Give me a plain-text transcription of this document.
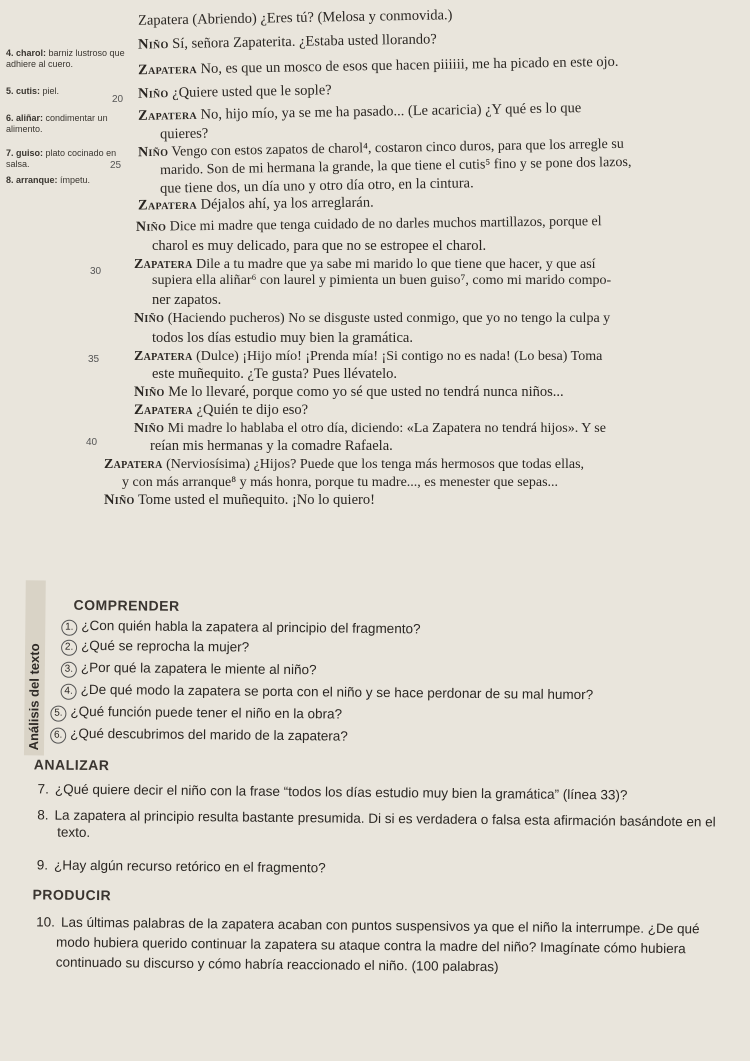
4. charol: barniz lustroso que adhiere al cuero.
5. cutis: piel.
6. aliñar: condimentar un alimento.
7. guiso: plato cocinado en salsa.
8. arranque: ímpetu.
20
25
30
35
40
Zapatera (Abriendo) ¿Eres tú? (Melosa y conmovida.)
Niño Sí, señora Zapaterita. ¿Estaba usted llorando?
Zapatera No, es que un mosco de esos que hacen piiiiii, me ha picado en este ojo.
Niño ¿Quiere usted que le sople?
Zapatera No, hijo mío, ya se me ha pasado... (Le acaricia) ¿Y qué es lo que
quieres?
Niño Vengo con estos zapatos de charol⁴, costaron cinco duros, para que los arregle su
marido. Son de mi hermana la grande, la que tiene el cutis⁵ fino y se pone dos lazos,
que tiene dos, un día uno y otro día otro, en la cintura.
Zapatera Déjalos ahí, ya los arreglarán.
Niño Dice mi madre que tenga cuidado de no darles muchos martillazos, porque el
charol es muy delicado, para que no se estropee el charol.
Zapatera Dile a tu madre que ya sabe mi marido lo que tiene que hacer, y que así
supiera ella aliñar⁶ con laurel y pimienta un buen guiso⁷, como mi marido compo-
ner zapatos.
Niño (Haciendo pucheros) No se disguste usted conmigo, que yo no tengo la culpa y
todos los días estudio muy bien la gramática.
Zapatera (Dulce) ¡Hijo mío! ¡Prenda mía! ¡Si contigo no es nada! (Lo besa) Toma
este muñequito. ¿Te gusta? Pues llévatelo.
Niño Me lo llevaré, porque como yo sé que usted no tendrá nunca niños...
Zapatera ¿Quién te dijo eso?
Niño Mi madre lo hablaba el otro día, diciendo: «La Zapatera no tendrá hijos». Y se
reían mis hermanas y la comadre Rafaela.
Zapatera (Nerviosísima) ¿Hijos? Puede que los tenga más hermosos que todas ellas,
y con más arranque⁸ y más honra, porque tu madre..., es menester que sepas...
Niño Tome usted el muñequito. ¡No lo quiero!
Análisis del texto
COMPRENDER
1. ¿Con quién habla la zapatera al principio del fragmento?
2. ¿Qué se reprocha la mujer?
3. ¿Por qué la zapatera le miente al niño?
4. ¿De qué modo la zapatera se porta con el niño y se hace perdonar de su mal humor?
5. ¿Qué función puede tener el niño en la obra?
6. ¿Qué descubrimos del marido de la zapatera?
ANALIZAR
7. ¿Qué quiere decir el niño con la frase “todos los días estudio muy bien la gramática” (línea 33)?
8. La zapatera al principio resulta bastante presumida. Di si es verdadera o falsa esta afirmación basándote en el texto.
9. ¿Hay algún recurso retórico en el fragmento?
PRODUCIR
10. Las últimas palabras de la zapatera acaban con puntos suspensivos ya que el niño la interrumpe. ¿De qué modo hubiera querido continuar la zapatera su ataque contra la madre del niño? Imagínate cómo hubiera continuado su discurso y cómo habría reaccionado el niño. (100 palabras)
